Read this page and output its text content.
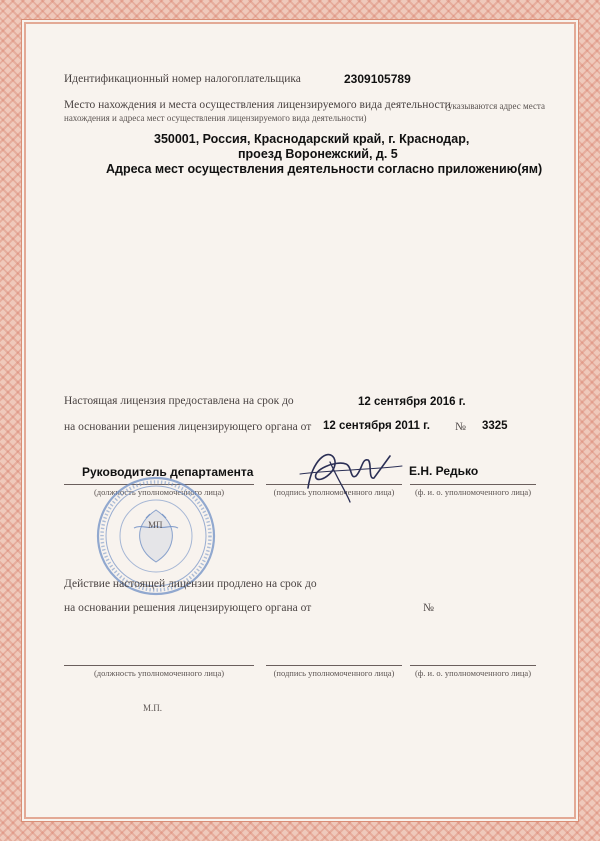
Идентификационный номер налогоплательщика	2309105789
Место нахождения и места осуществления лицензируемого вида деятельности
(указываются адрес места
нахождения и адреса мест осуществления лицензируемого вида деятельности)
350001, Россия, Краснодарский край, г. Краснодар,
проезд Воронежский, д. 5
Адреса мест осуществления деятельности согласно приложению(ям)
Настоящая лицензия предоставлена на срок до	12 сентября 2016 г.
на основании решения лицензирующего органа от 12 сентября 2011 г. № 3325
Руководитель департамента	Е.Н. Редько
(должность уполномоченного лица)	(подпись уполномоченного лица)	(ф. и. о. уполномоченного лица)
МП
Действие настоящей лицензии продлено на срок до
на основании решения лицензирующего органа от	№
(должность уполномоченного лица)	(подпись уполномоченного лица)	(ф. и. о. уполномоченного лица)
М.П.
